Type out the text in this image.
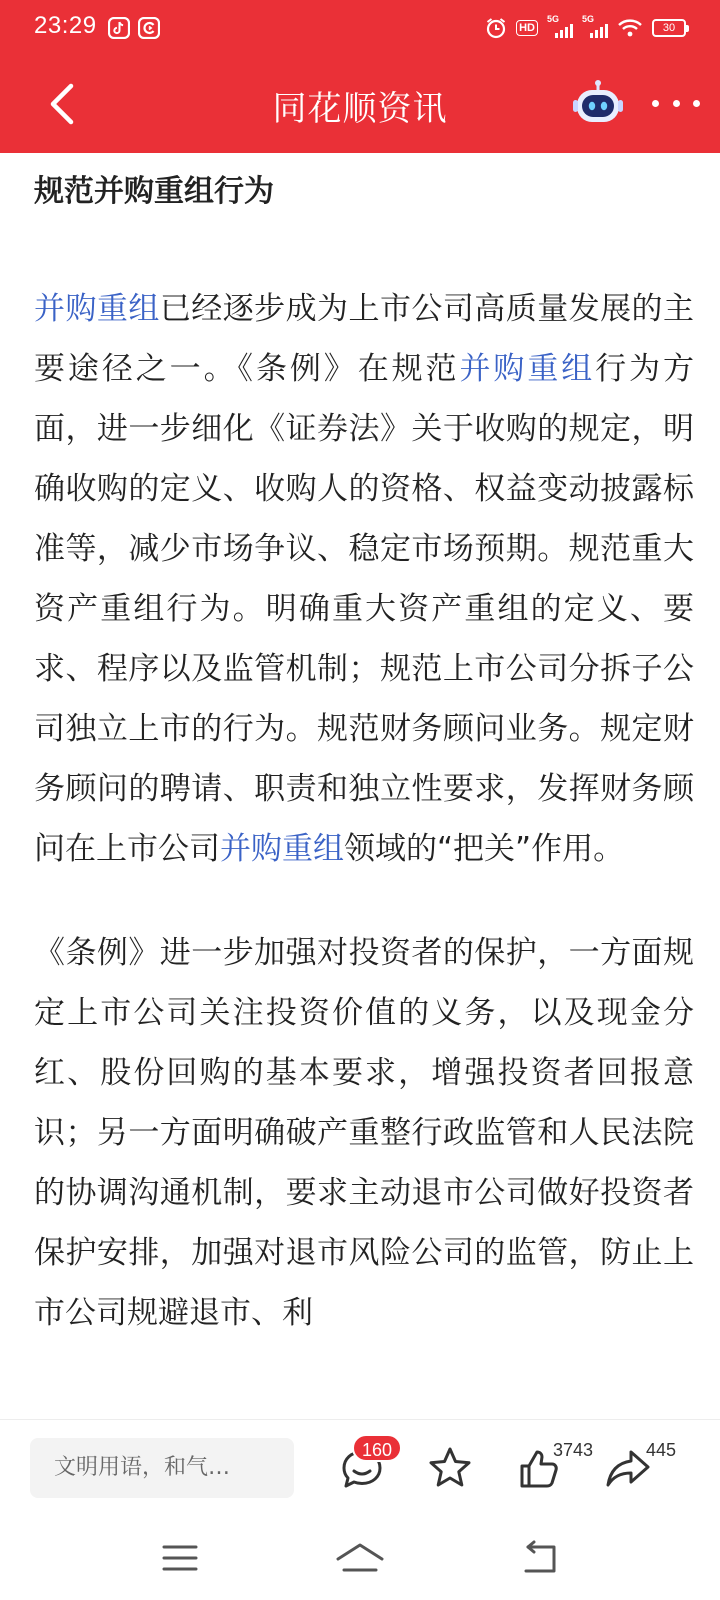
23:29	HD
5G	5G
30
同花顺资讯
规范并购重组行为

并购重组已经逐步成为上市公司高质量发展的主要途径之一。《条例》在规范并购重组行为方面，进一步细化《证券法》关于收购的规定，明确收购的定义、收购人的资格、权益变动披露标准等，减少市场争议、稳定市场预期。规范重大资产重组行为。明确重大资产重组的定义、要求、程序以及监管机制；规范上市公司分拆子公司独立上市的行为。规范财务顾问业务。规定财务顾问的聘请、职责和独立性要求，发挥财务顾问在上市公司并购重组领域的“把关”作用。

《条例》进一步加强对投资者的保护，一方面规定上市公司关注投资价值的义务，以及现金分红、股份回购的基本要求，增强投资者回报意识；另一方面明确破产重整行政监管和人民法院的协调沟通机制，要求主动退市公司做好投资者保护安排，加强对退市风险公司的监管，防止上市公司规避退市、利

文明用语，和气…
160	3743	445
